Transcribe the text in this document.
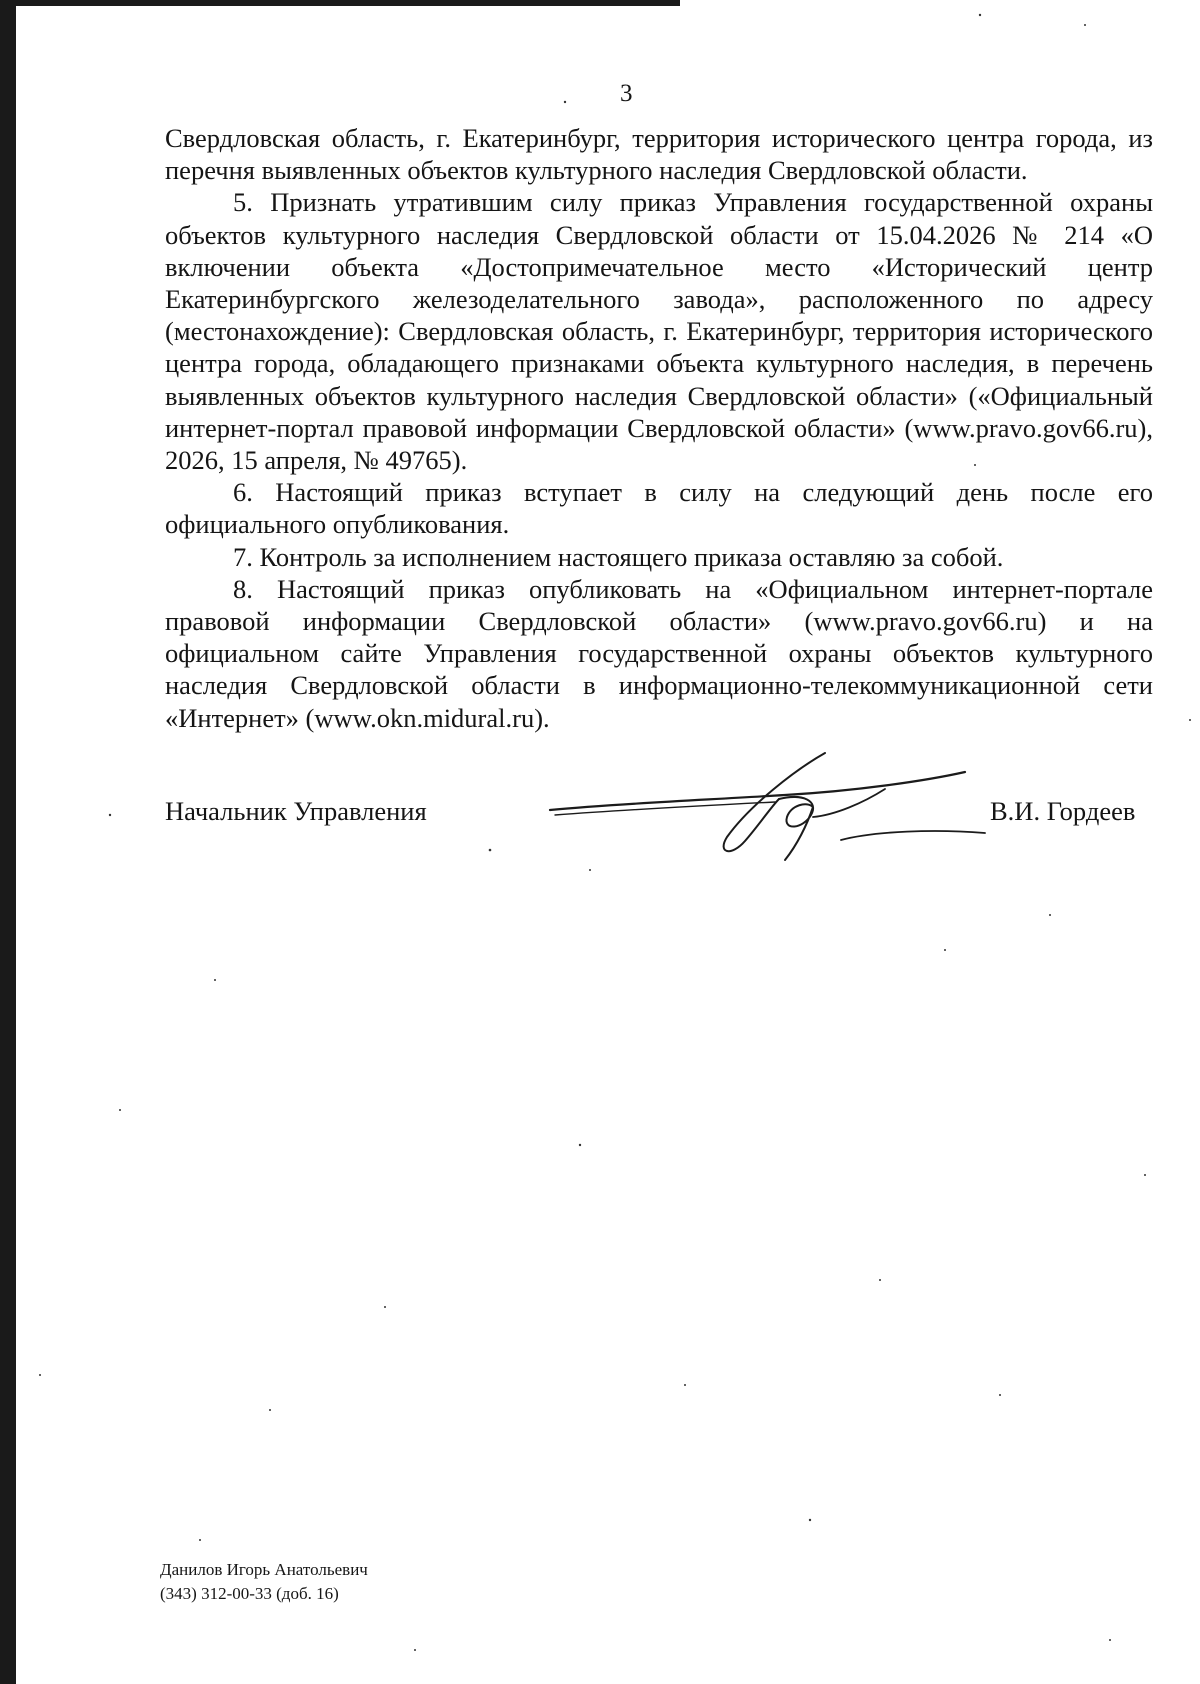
3

Свердловская область, г. Екатеринбург, территория исторического центра города, из перечня выявленных объектов культурного наследия Свердловской области.

5. Признать утратившим силу приказ Управления государственной охраны объектов культурного наследия Свердловской области от 15.04.2026 № 214 «О включении объекта «Достопримечательное место «Исторический центр Екатеринбургского железоделательного завода», расположенного по адресу (местонахождение): Свердловская область, г. Екатеринбург, территория исторического центра города, обладающего признаками объекта культурного наследия, в перечень выявленных объектов культурного наследия Свердловской области» («Официальный интернет-портал правовой информации Свердловской области» (www.pravo.gov66.ru), 2026, 15 апреля, № 49765).

6. Настоящий приказ вступает в силу на следующий день после его официального опубликования.

7. Контроль за исполнением настоящего приказа оставляю за собой.

8. Настоящий приказ опубликовать на «Официальном интернет-портале правовой информации Свердловской области» (www.pravo.gov66.ru) и на официальном сайте Управления государственной охраны объектов культурного наследия Свердловской области в информационно-телекоммуникационной сети «Интернет» (www.okn.midural.ru).

Начальник Управления	В.И. Гордеев
Данилов Игорь Анатольевич
(343) 312-00-33 (доб. 16)
